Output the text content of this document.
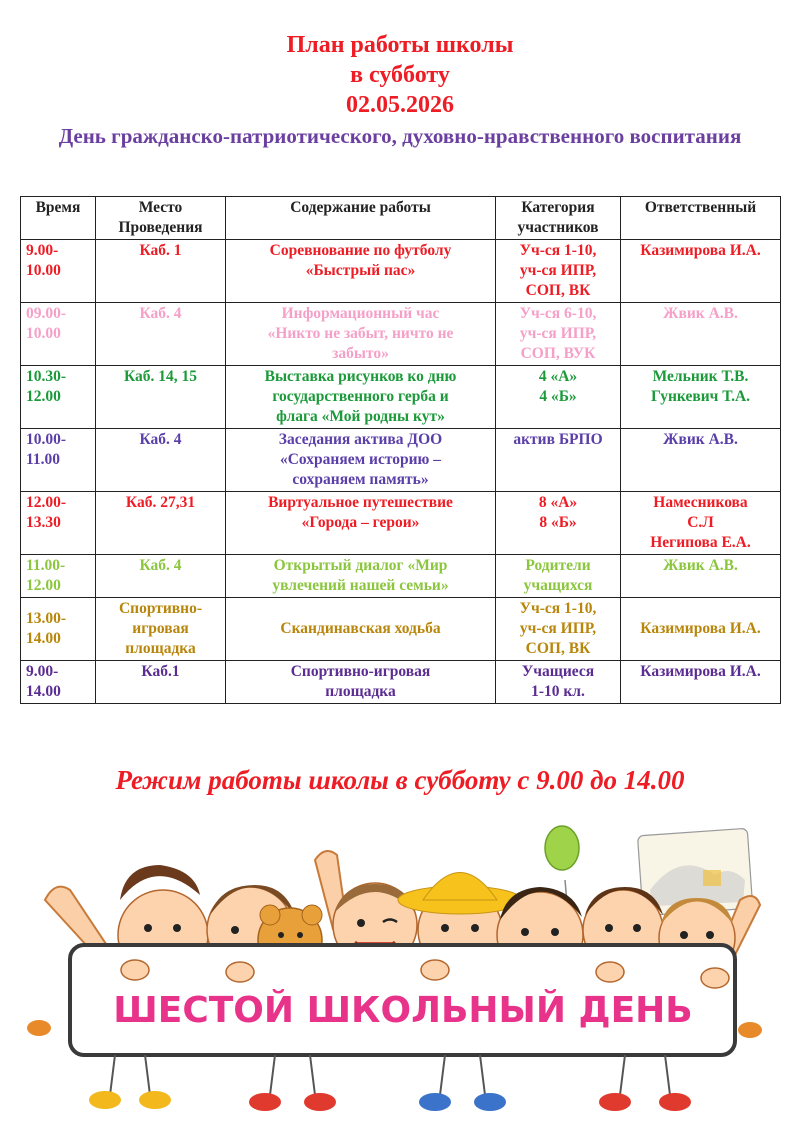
План работы школы
в субботу
02.05.2026
День гражданско-патриотического, духовно-нравственного воспитания
Время	Место
Проведения	Содержание работы	Категория
участников	Ответственный

9.00-
10.00	Каб. 1	Соревнование по футболу
«Быстрый пас»	Уч-ся 1-10,
уч-ся ИПР,
СОП, ВК	Казимирова И.А.

09.00-
10.00	Каб. 4	Информационный час
«Никто не забыт, ничто не
забыто»	Уч-ся 6-10,
уч-ся ИПР,
СОП, ВУК	Жвик А.В.

10.30-
12.00	Каб. 14, 15	Выставка рисунков ко дню
государственного герба и
флага «Мой родны кут»	4 «А»
4 «Б»	Мельник Т.В.
Гункевич Т.А.

10.00-
11.00	Каб. 4	Заседания актива ДОО
«Сохраняем историю –
сохраняем память»	актив БРПО	Жвик А.В.

12.00-
13.30	Каб. 27,31	Виртуальное путешествие
«Города – герои»	8 «А»
8 «Б»	Намесникова
С.Л
Негипова Е.А.

11.00-
12.00	Каб. 4	Открытый диалог «Мир
увлечений нашей семьи»	Родители
учащихся	Жвик А.В.

13.00-
14.00	Спортивно-игровая площадка	Скандинавская ходьба	Уч-ся 1-10,
уч-ся ИПР,
СОП, ВК	Казимирова И.А.

9.00-
14.00	Каб.1	Спортивно-игровая
площадка	Учащиеся
1-10 кл.	Казимирова И.А.
Режим работы школы в субботу с 9.00 до 14.00
ШЕСТОЙ ШКОЛЬНЫЙ ДЕНЬ
